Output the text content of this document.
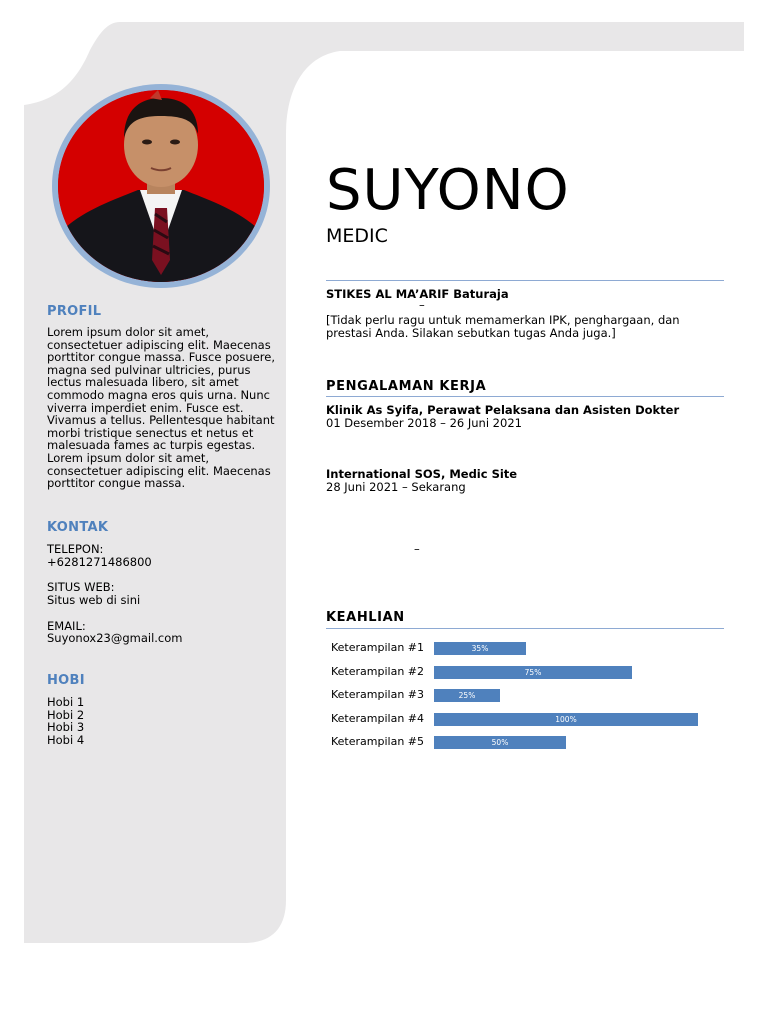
PROFIL
Lorem ipsum dolor sit amet,
consectetuer adipiscing elit. Maecenas
porttitor congue massa. Fusce posuere,
magna sed pulvinar ultricies, purus
lectus malesuada libero, sit amet
commodo magna eros quis urna. Nunc
viverra imperdiet enim. Fusce est.
Vivamus a tellus. Pellentesque habitant
morbi tristique senectus et netus et
malesuada fames ac turpis egestas.
Lorem ipsum dolor sit amet,
consectetuer adipiscing elit. Maecenas
porttitor congue massa.
KONTAK
TELEPON:
+6281271486800
SITUS WEB:
Situs web di sini
EMAIL:
Suyonox23@gmail.com
HOBI
Hobi 1
Hobi 2
Hobi 3
Hobi 4
SUYONO
MEDIC
STIKES AL MA’ARIF Baturaja
–
[Tidak perlu ragu untuk memamerkan IPK, penghargaan, dan
prestasi Anda. Silakan sebutkan tugas Anda juga.]
PENGALAMAN KERJA
Klinik As Syifa, Perawat Pelaksana dan Asisten Dokter
01 Desember 2018 – 26 Juni 2021
International SOS, Medic Site
28 Juni 2021 – Sekarang
–
KEAHLIAN
Keterampilan #1	35%
Keterampilan #2	75%
Keterampilan #3	25%
Keterampilan #4	100%
Keterampilan #5	50%
